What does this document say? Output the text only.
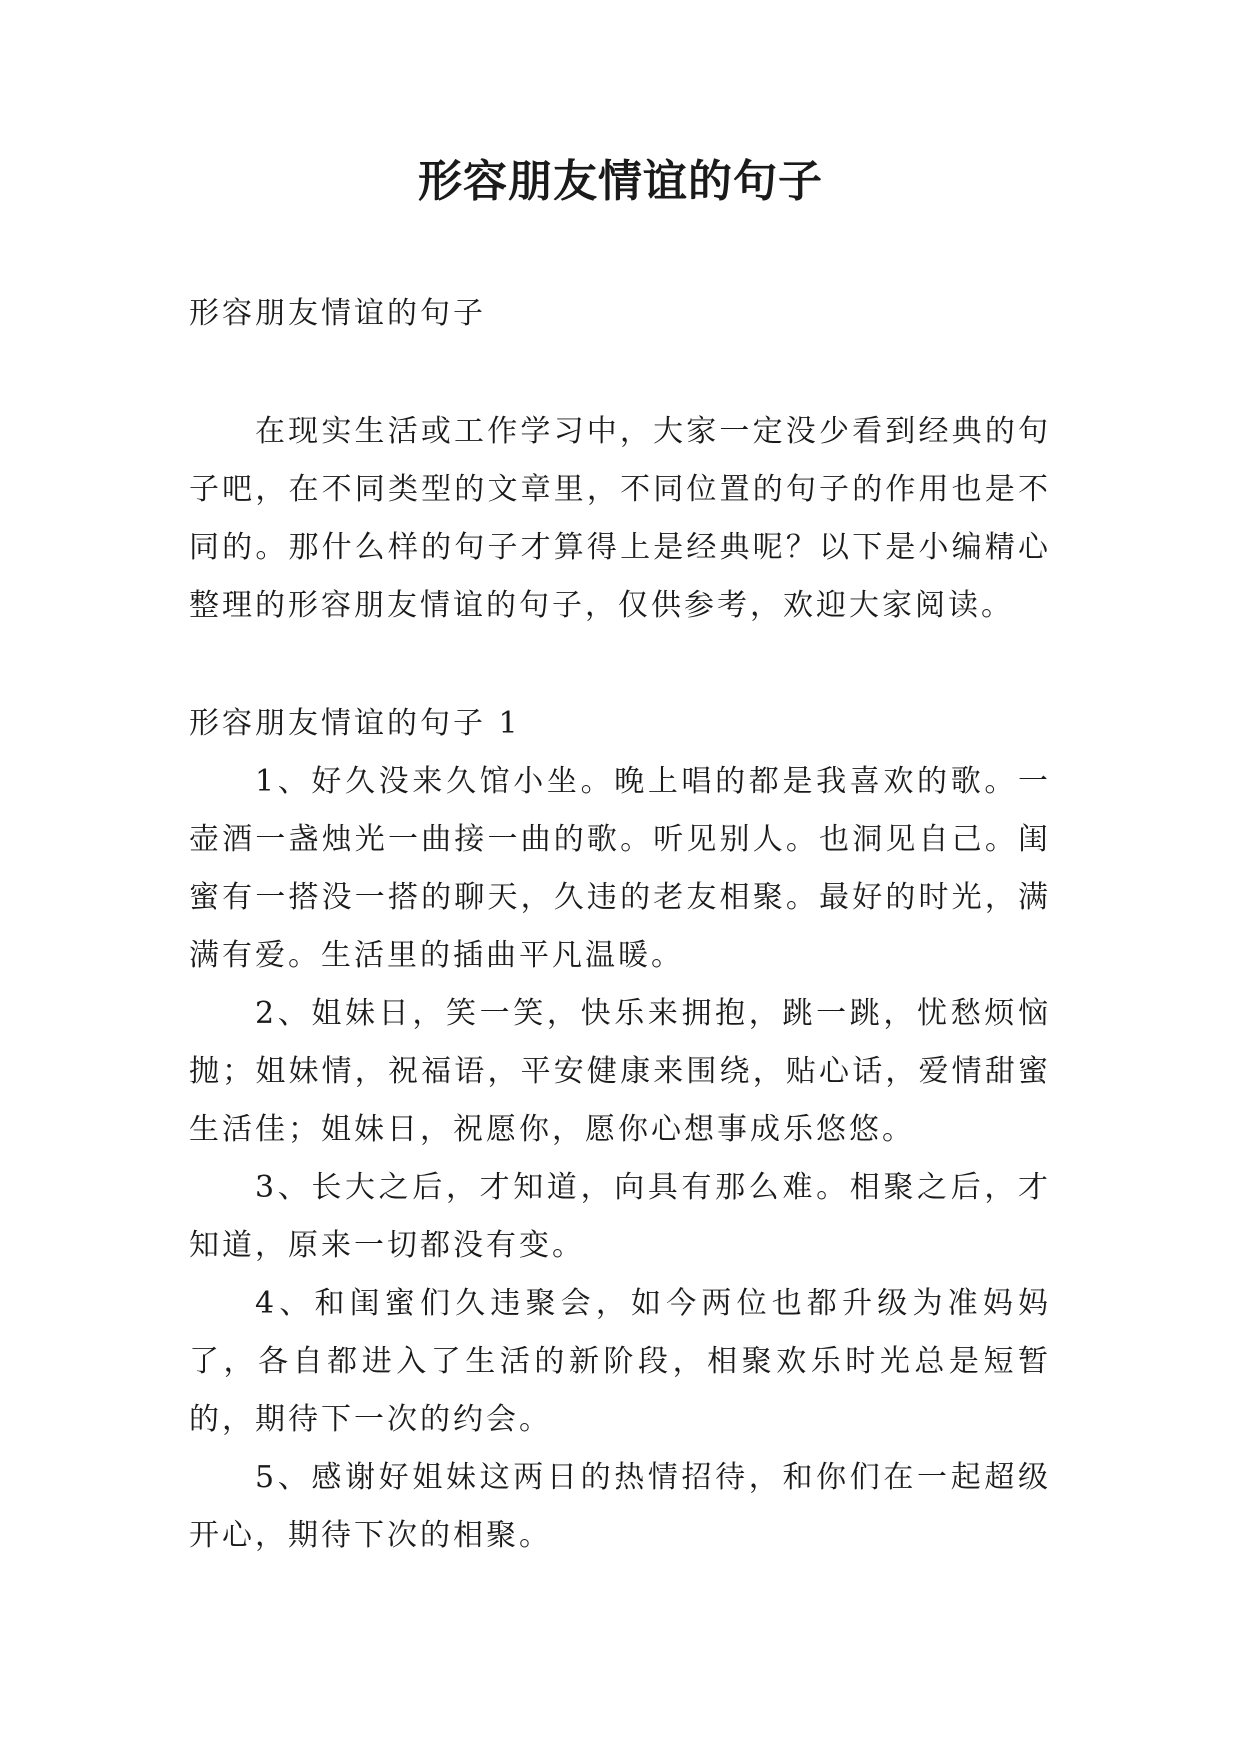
形容朋友情谊的句子

形容朋友情谊的句子

在现实生活或工作学习中，大家一定没少看到经典的句子吧，在不同类型的文章里，不同位置的句子的作用也是不同的。那什么样的句子才算得上是经典呢？以下是小编精心整理的形容朋友情谊的句子，仅供参考，欢迎大家阅读。

形容朋友情谊的句子 1

1、好久没来久馆小坐。晚上唱的都是我喜欢的歌。一壶酒一盏烛光一曲接一曲的歌。听见别人。也洞见自己。闺蜜有一搭没一搭的聊天，久违的老友相聚。最好的时光，满满有爱。生活里的插曲平凡温暖。

2、姐妹日，笑一笑，快乐来拥抱，跳一跳，忧愁烦恼抛；姐妹情，祝福语，平安健康来围绕，贴心话，爱情甜蜜生活佳；姐妹日，祝愿你，愿你心想事成乐悠悠。

3、长大之后，才知道，向具有那么难。相聚之后，才知道，原来一切都没有变。

4、和闺蜜们久违聚会，如今两位也都升级为准妈妈了，各自都进入了生活的新阶段，相聚欢乐时光总是短暂的，期待下一次的约会。

5、感谢好姐妹这两日的热情招待，和你们在一起超级开心，期待下次的相聚。
